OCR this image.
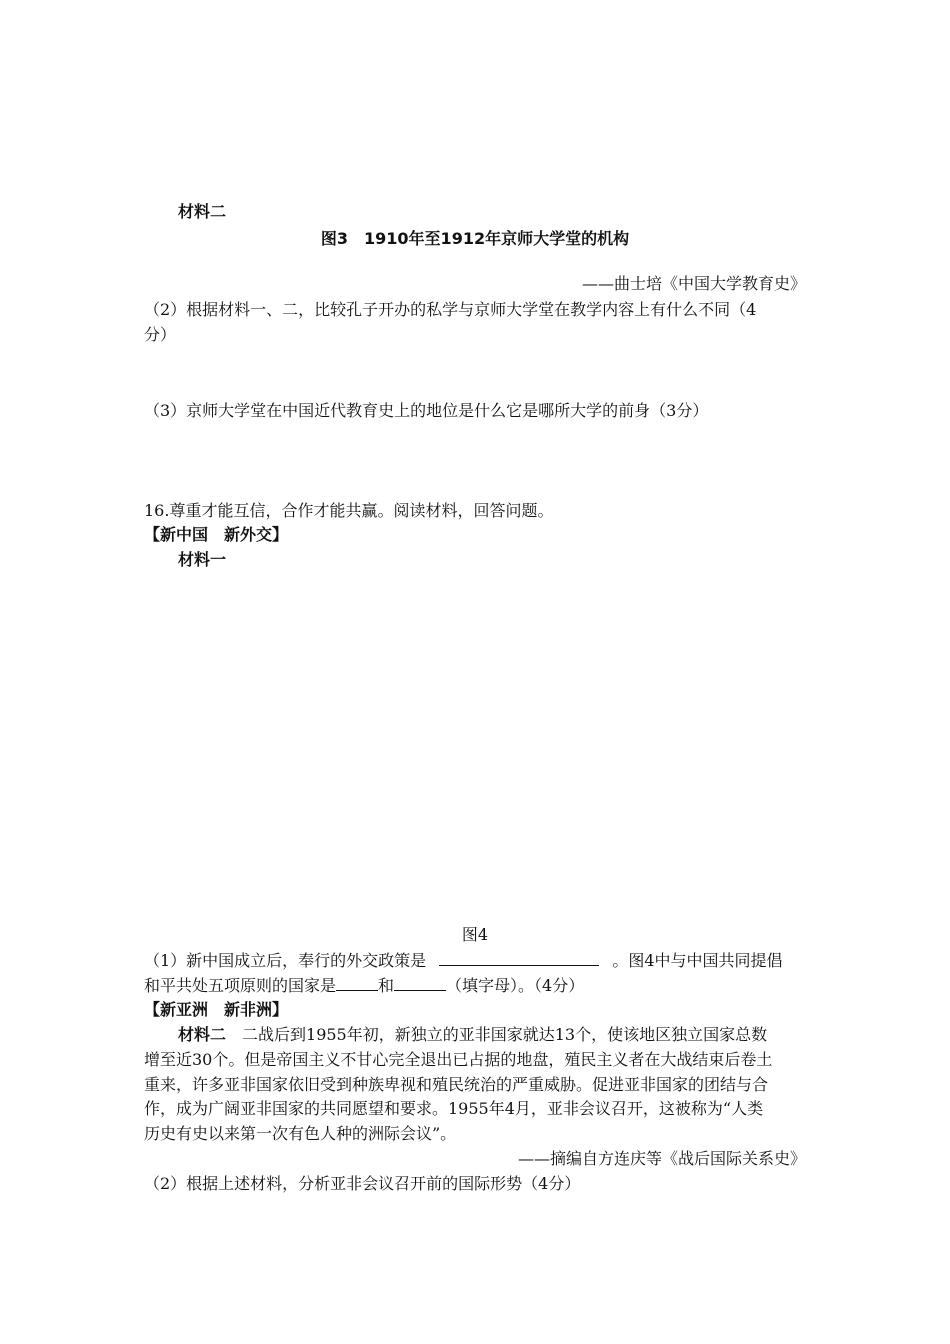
材料二
图3　1910年至1912年京师大学堂的机构
——曲士培《中国大学教育史》
（2）根据材料一、二，比较孔子开办的私学与京师大学堂在教学内容上有什么不同（4
分）
（3）京师大学堂在中国近代教育史上的地位是什么它是哪所大学的前身（3分）
16.尊重才能互信，合作才能共赢。阅读材料，回答问题。
【新中国　新外交】
材料一
图4
（1）新中国成立后，奉行的外交政策是	。图4中与中国共同提倡
和平共处五项原则的国家是	和	（填字母）。（4分）
【新亚洲　新非洲】
材料二 二战后到1955年初，新独立的亚非国家就达13个，使该地区独立国家总数
增至近30个。但是帝国主义不甘心完全退出已占据的地盘，殖民主义者在大战结束后卷土
重来，许多亚非国家依旧受到种族卑视和殖民统治的严重威胁。促进亚非国家的团结与合
作，成为广阔亚非国家的共同愿望和要求。1955年4月，亚非会议召开，这被称为“人类
历史有史以来第一次有色人种的洲际会议”。
——摘编自方连庆等《战后国际关系史》
（2）根据上述材料，分析亚非会议召开前的国际形势（4分）
